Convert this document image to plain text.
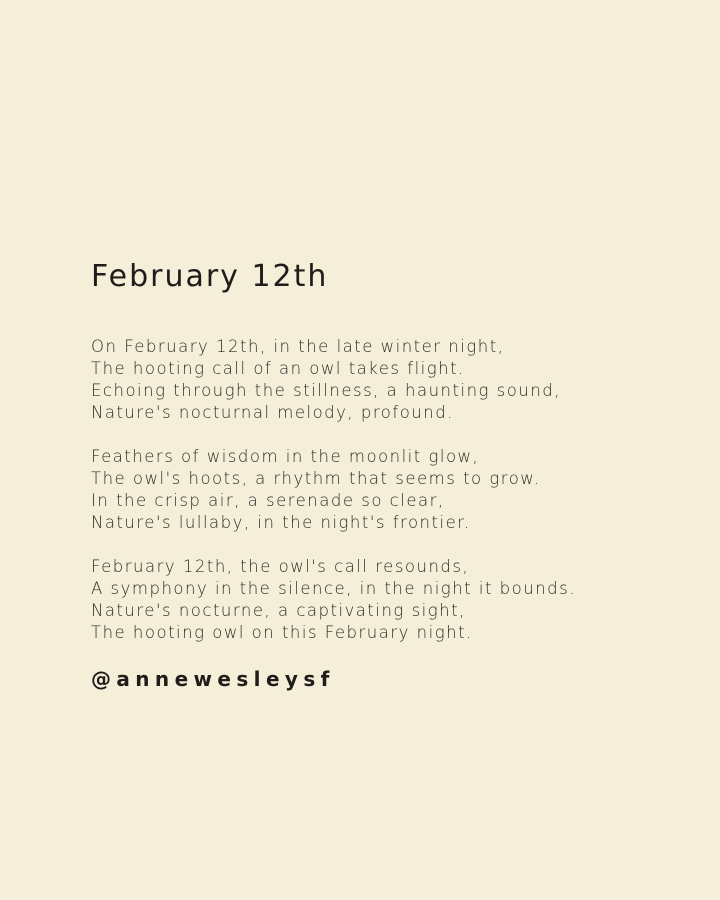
February 12th
On February 12th, in the late winter night,
The hooting call of an owl takes flight.
Echoing through the stillness, a haunting sound,
Nature's nocturnal melody, profound.
Feathers of wisdom in the moonlit glow,
The owl's hoots, a rhythm that seems to grow.
In the crisp air, a serenade so clear,
Nature's lullaby, in the night's frontier.
February 12th, the owl's call resounds,
A symphony in the silence, in the night it bounds.
Nature's nocturne, a captivating sight,
The hooting owl on this February night.
@annewesleysf
